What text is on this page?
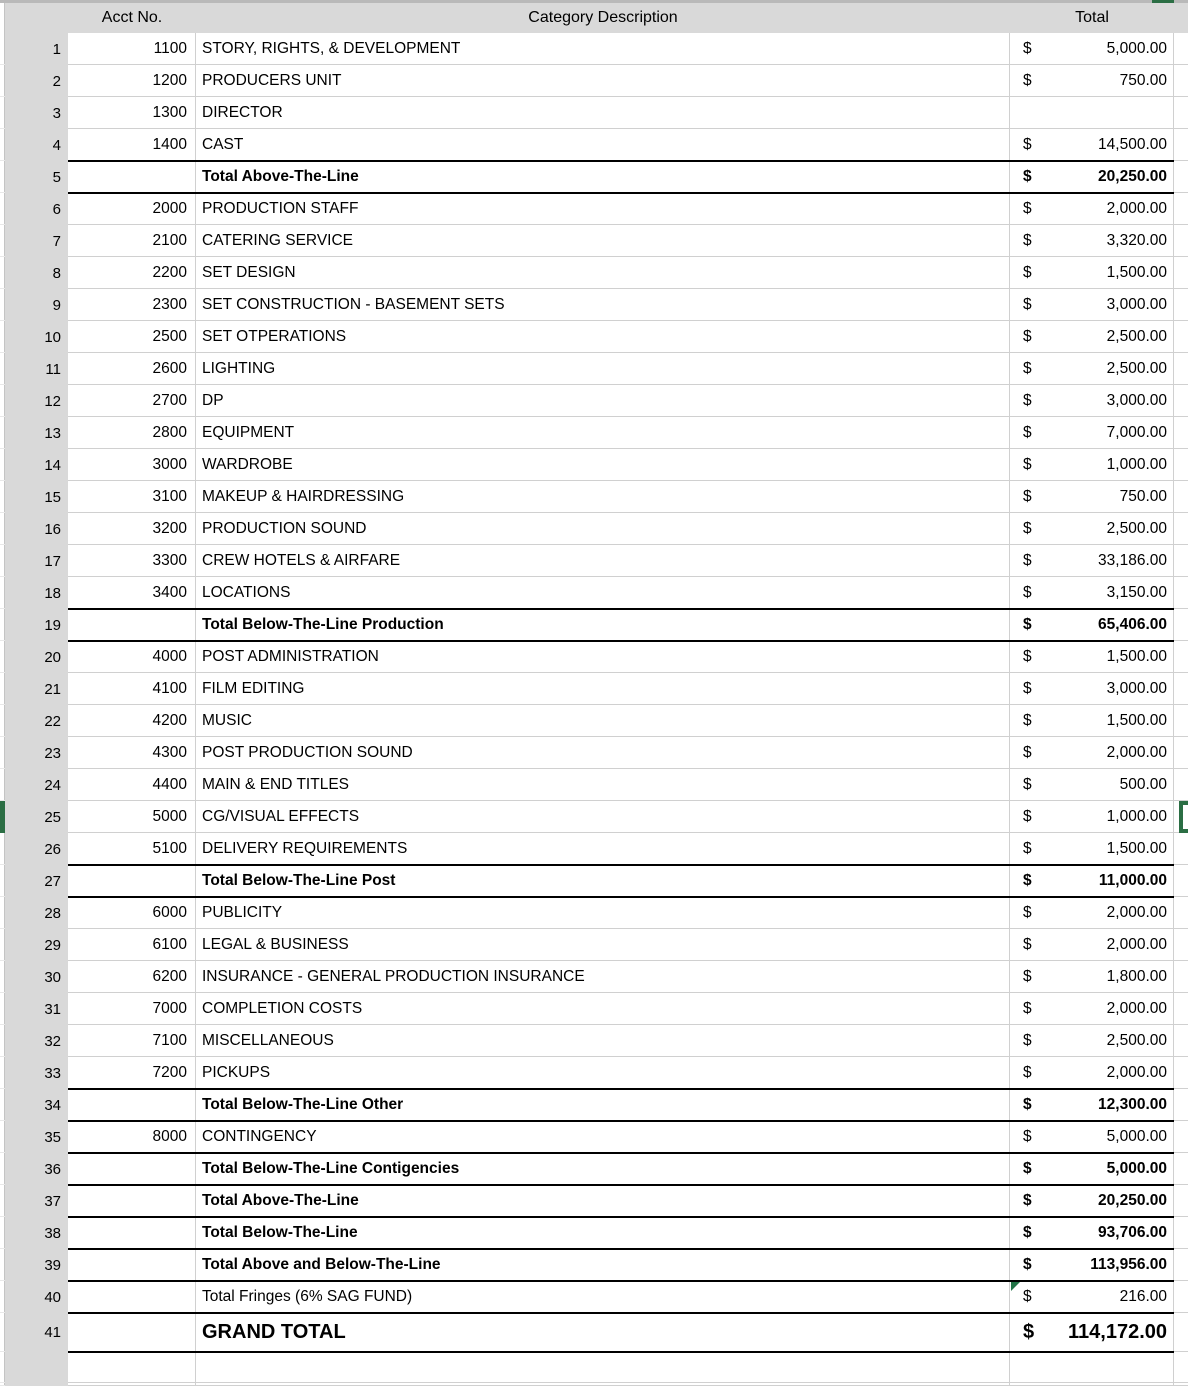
Acct No.	Category Description	Total
1	1100 STORY, RIGHTS, & DEVELOPMENT	$	5,000.00
2	1200 PRODUCERS UNIT	$	750.00
3	1300 DIRECTOR
4	1400 CAST	$	14,500.00
5	Total Above-The-Line	$	20,250.00
6	2000 PRODUCTION STAFF	$	2,000.00
7	2100 CATERING SERVICE	$	3,320.00
8	2200 SET DESIGN	$	1,500.00
9	2300 SET CONSTRUCTION - BASEMENT SETS	$	3,000.00
10	2500 SET OTPERATIONS	$	2,500.00
11	2600 LIGHTING	$	2,500.00
12	2700 DP	$	3,000.00
13	2800 EQUIPMENT	$	7,000.00
14	3000 WARDROBE	$	1,000.00
15	3100 MAKEUP & HAIRDRESSING	$	750.00
16	3200 PRODUCTION SOUND	$	2,500.00
17	3300 CREW HOTELS & AIRFARE	$	33,186.00
18	3400 LOCATIONS	$	3,150.00
19	Total Below-The-Line Production	$	65,406.00
20	4000 POST ADMINISTRATION	$	1,500.00
21	4100 FILM EDITING	$	3,000.00
22	4200 MUSIC	$	1,500.00
23	4300 POST PRODUCTION SOUND	$	2,000.00
24	4400 MAIN & END TITLES	$	500.00
25	5000 CG/VISUAL EFFECTS	$	1,000.00
26	5100 DELIVERY REQUIREMENTS	$	1,500.00
27	Total Below-The-Line Post	$	11,000.00
28	6000 PUBLICITY	$	2,000.00
29	6100 LEGAL & BUSINESS	$	2,000.00
30	6200 INSURANCE - GENERAL PRODUCTION INSURANCE	$	1,800.00
31	7000 COMPLETION COSTS	$	2,000.00
32	7100 MISCELLANEOUS	$	2,500.00
33	7200 PICKUPS	$	2,000.00
34	Total Below-The-Line Other	$	12,300.00
35	8000 CONTINGENCY	$	5,000.00
36	Total Below-The-Line Contigencies	$	5,000.00
37	Total Above-The-Line	$	20,250.00
38	Total Below-The-Line	$	93,706.00
39	Total Above and Below-The-Line	$	113,956.00
40	Total Fringes (6% SAG FUND)	$	216.00
41	GRAND TOTAL	$ 114,172.00
